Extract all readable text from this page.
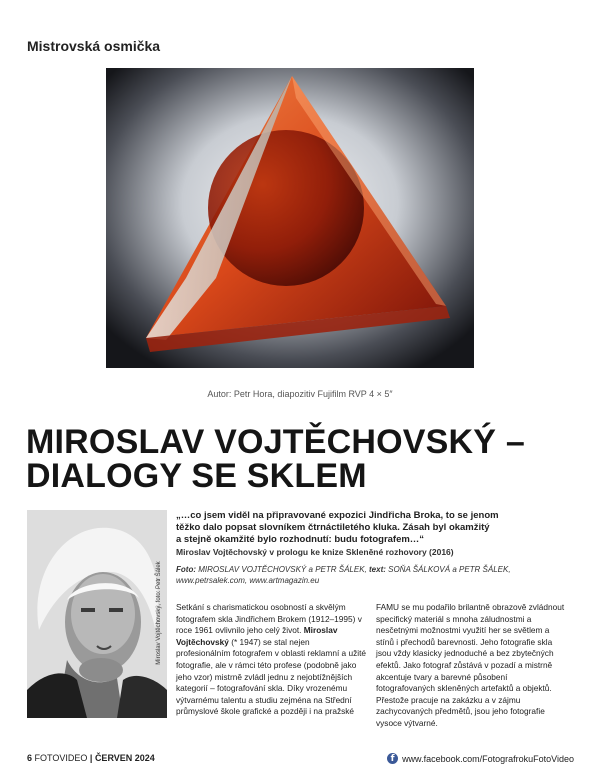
Mistrovská osmička
Autor: Petr Hora, diapozitiv Fujifilm RVP 4 × 5″
MIROSLAV VOJTĚCHOVSKÝ –
DIALOGY SE SKLEM
Miroslav Vojtěchovský, foto: Petr Šálek
„…co jsem viděl na připravované expozici Jindřicha Broka, to se jenom
těžko dalo popsat slovníkem čtrnáctiletého kluka. Zásah byl okamžitý
a stejně okamžité bylo rozhodnutí: budu fotografem…“
Miroslav Vojtěchovský v prologu ke knize Skleněné rozhovory (2016)
Foto: MIROSLAV VOJTĚCHOVSKÝ a PETR ŠÁLEK, text: SOŇA ŠÁLKOVÁ a PETR ŠÁLEK,
www.petrsalek.com, www.artmagazin.eu
Setkání s charismatickou osobností a skvělým fotografem skla Jindřichem Brokem (1912–1995) v roce 1961 ovlivnilo jeho celý život. Miroslav Vojtěchovský (* 1947) se stal nejen profesionálním fotografem v oblasti reklamní a užité fotografie, ale v rámci této profese (podobně jako jeho vzor) mistrně zvládl jednu z nejobtížnějších kategorií – fotografování skla. Díky vrozenému výtvarnému talentu a studiu zejména na Střední průmyslové škole grafické a později i na pražské
FAMU se mu podařilo brilantně obrazově zvládnout specifický materiál s mnoha záludnostmi a nesčetnými možnostmi využití her se světlem a stínů i přechodů barevnosti. Jeho fotografie skla jsou vždy klasicky jednoduché a bez zbytečných efektů. Jako fotograf zůstává v pozadí a mistrně akcentuje tvary a barevné působení fotografovaných skleněných artefaktů a objektů. Přestože pracuje na zakázku a v zájmu zachycovaných předmětů, jsou jeho fotografie vysoce výtvarné.
6 FOTOVIDEO | ČERVEN 2024	f www.facebook.com/FotografrokuFotoVideo
